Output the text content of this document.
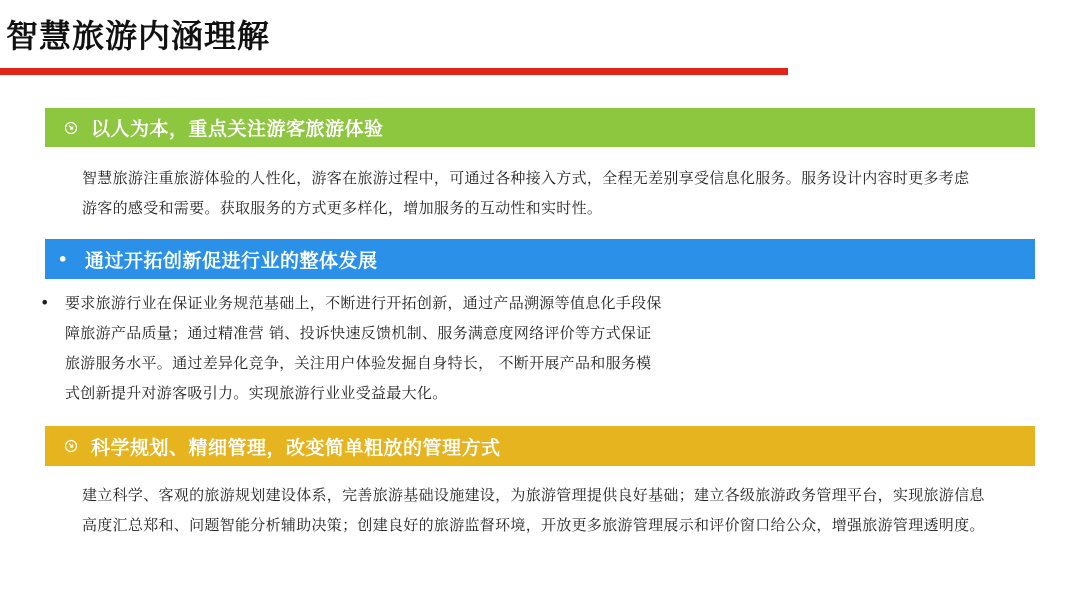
智慧旅游内涵理解
以人为本，重点关注游客旅游体验
智慧旅游注重旅游体验的人性化，游客在旅游过程中，可通过各种接入方式，全程无差别享受信息化服务。服务设计内容时更多考虑游客的感受和需要。获取服务的方式更多样化，增加服务的互动性和实时性。
• 通过开拓创新促进行业的整体发展
•	要求旅游行业在保证业务规范基础上，不断进行开拓创新，通过产品溯源等值息化手段保
障旅游产品质量；通过精准营 销、投诉快速反馈机制、服务满意度网络评价等方式保证
旅游服务水平。通过差异化竞争，关注用户体验发掘自身特长， 不断开展产品和服务模
式创新提升对游客吸引力。实现旅游行业业受益最大化。
科学规划、精细管理，改变简单粗放的管理方式
建立科学、客观的旅游规划建设体系，完善旅游基础设施建设，为旅游管理提供良好基础；建立各级旅游政务管理平台，实现旅游信息高度汇总郑和、问题智能分析辅助决策；创建良好的旅游监督环境，开放更多旅游管理展示和评价窗口给公众，增强旅游管理透明度。
